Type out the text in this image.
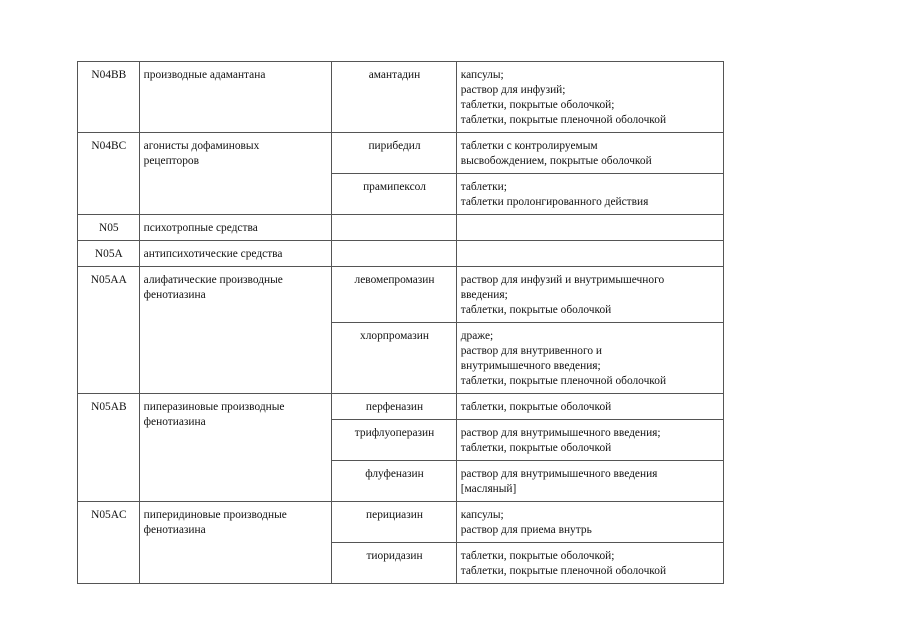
N04BB	производные адамантана	амантадин	капсулы;
раствор для инфузий;
таблетки, покрытые оболочкой;
таблетки, покрытые пленочной оболочкой

N04BC	агонисты дофаминовых
рецепторов	пирибедил	таблетки с контролируемым
высвобождением, покрытые оболочкой

		прамипексол	таблетки;
таблетки пролонгированного действия

N05	психотропные средства		

N05A	антипсихотические средства		

N05AA	алифатические производные
фенотиазина	левомепромазин	раствор для инфузий и внутримышечного
введения;
таблетки, покрытые оболочкой

		хлорпромазин	драже;
раствор для внутривенного и
внутримышечного введения;
таблетки, покрытые пленочной оболочкой

N05AB	пиперазиновые производные
фенотиазина	перфеназин	таблетки, покрытые оболочкой

		трифлуоперазин	раствор для внутримышечного введения;
таблетки, покрытые оболочкой

		флуфеназин	раствор для внутримышечного введения
[масляный]

N05AC	пиперидиновые производные
фенотиазина	перициазин	капсулы;
раствор для приема внутрь

		тиоридазин	таблетки, покрытые оболочкой;
таблетки, покрытые пленочной оболочкой
